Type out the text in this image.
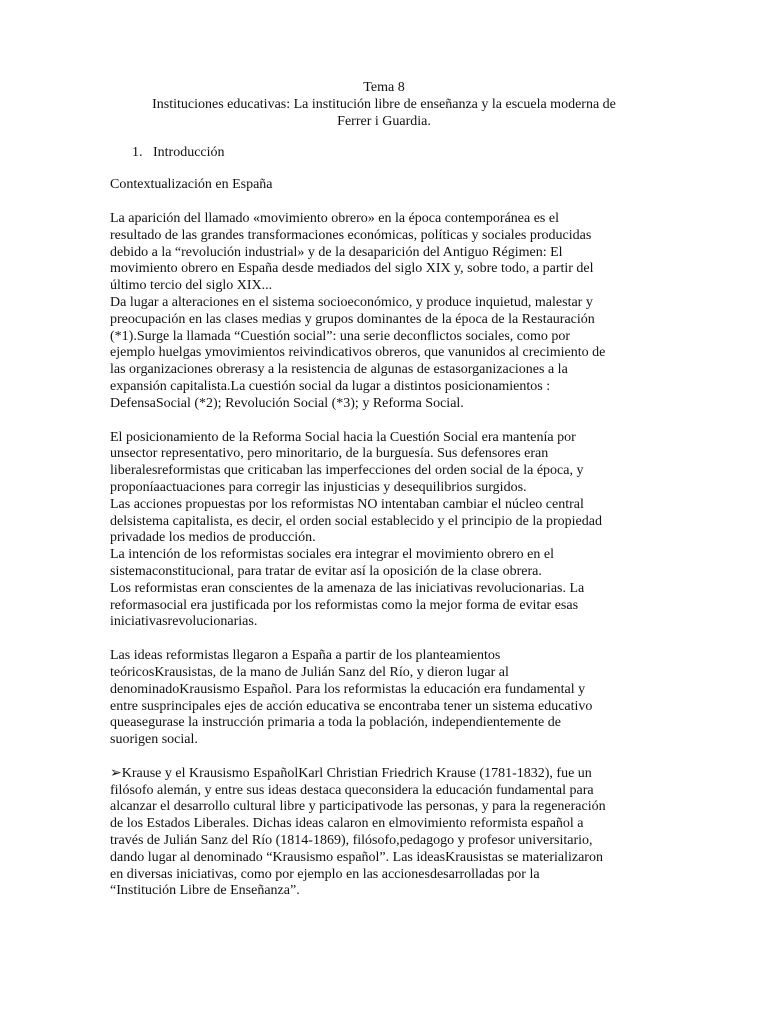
Tema 8
Instituciones educativas: La institución libre de enseñanza y la escuela moderna de
Ferrer i Guardia.
1. Introducción
Contextualización en España
La aparición del llamado «movimiento obrero» en la época contemporánea es el
resultado de las grandes transformaciones económicas, políticas y sociales producidas
debido a la “revolución industrial» y de la desaparición del Antiguo Régimen: El
movimiento obrero en España desde mediados del siglo XIX y, sobre todo, a partir del
último tercio del siglo XIX...
Da lugar a alteraciones en el sistema socioeconómico, y produce inquietud, malestar y
preocupación en las clases medias y grupos dominantes de la época de la Restauración
(*1).Surge la llamada “Cuestión social”: una serie deconflictos sociales, como por
ejemplo huelgas ymovimientos reivindicativos obreros, que vanunidos al crecimiento de
las organizaciones obrerasy a la resistencia de algunas de estasorganizaciones a la
expansión capitalista.La cuestión social da lugar a distintos posicionamientos :
DefensaSocial (*2); Revolución Social (*3); y Reforma Social.
El posicionamiento de la Reforma Social hacia la Cuestión Social era mantenía por
unsector representativo, pero minoritario, de la burguesía. Sus defensores eran
liberalesreformistas que criticaban las imperfecciones del orden social de la época, y
proponíaactuaciones para corregir las injusticias y desequilibrios surgidos.
Las acciones propuestas por los reformistas NO intentaban cambiar el núcleo central
delsistema capitalista, es decir, el orden social establecido y el principio de la propiedad
privadade los medios de producción.
La intención de los reformistas sociales era integrar el movimiento obrero en el
sistemaconstitucional, para tratar de evitar así la oposición de la clase obrera.
Los reformistas eran conscientes de la amenaza de las iniciativas revolucionarias. La
reformasocial era justificada por los reformistas como la mejor forma de evitar esas
iniciativasrevolucionarias.
Las ideas reformistas llegaron a España a partir de los planteamientos
teóricosKrausistas, de la mano de Julián Sanz del Río, y dieron lugar al
denominadoKrausismo Español. Para los reformistas la educación era fundamental y
entre susprincipales ejes de acción educativa se encontraba tener un sistema educativo
queasegurase la instrucción primaria a toda la población, independientemente de
suorigen social.
➢Krause y el Krausismo EspañolKarl Christian Friedrich Krause (1781-1832), fue un
filósofo alemán, y entre sus ideas destaca queconsidera la educación fundamental para
alcanzar el desarrollo cultural libre y participativode las personas, y para la regeneración
de los Estados Liberales. Dichas ideas calaron en elmovimiento reformista español a
través de Julián Sanz del Río (1814-1869), filósofo,pedagogo y profesor universitario,
dando lugar al denominado “Krausismo español”. Las ideasKrausistas se materializaron
en diversas iniciativas, como por ejemplo en las accionesdesarrolladas por la
“Institución Libre de Enseñanza”.
